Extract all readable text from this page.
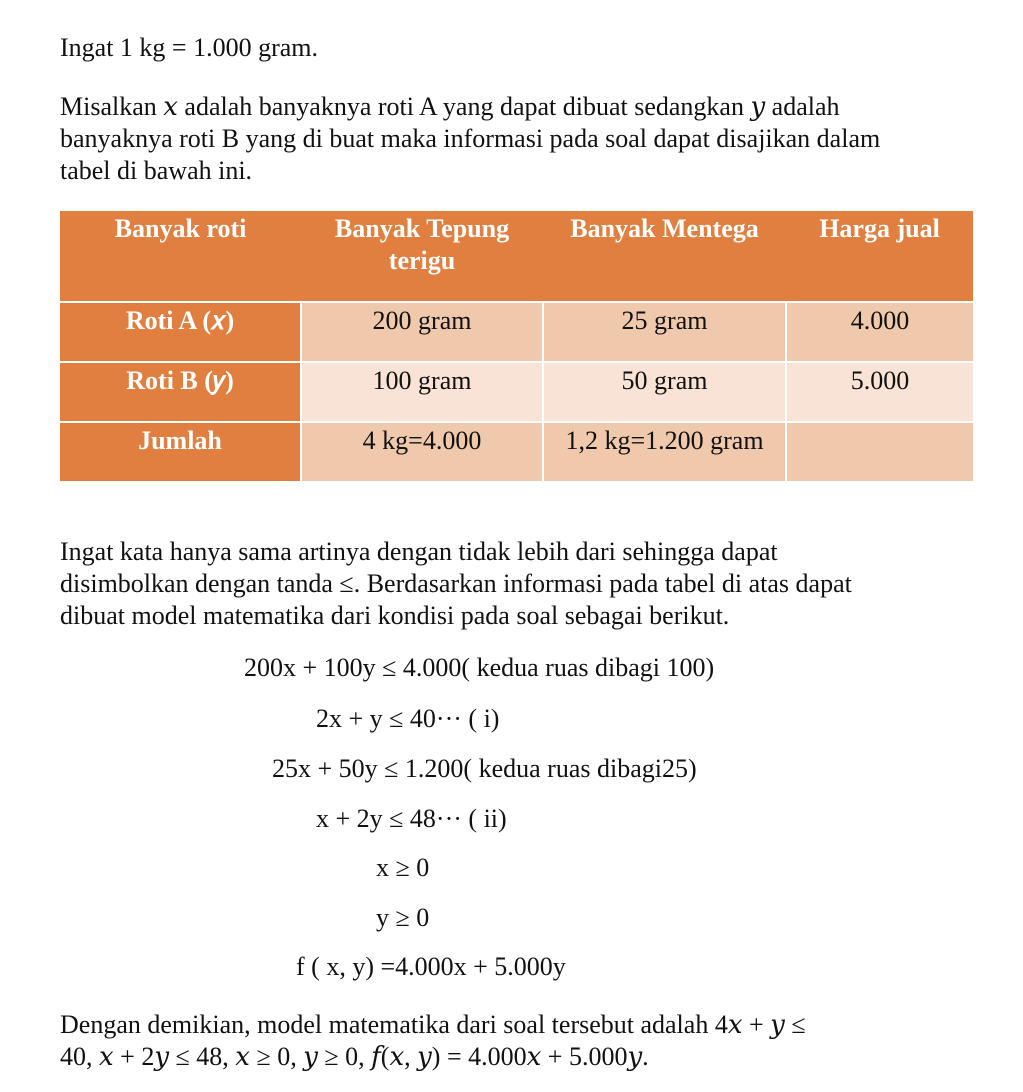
Ingat 1 kg = 1.000 gram.

Misalkan 𝑥 adalah banyaknya roti A yang dapat dibuat sedangkan 𝑦 adalah
banyaknya roti B yang di buat maka informasi pada soal dapat disajikan dalam
tabel di bawah ini.

Banyak roti	Banyak Tepung terigu	Banyak Mentega	Harga jual
Roti A (𝑥)	200 gram	25 gram	4.000
Roti B (𝑦)	100 gram	50 gram	5.000
Jumlah	4 kg=4.000	1,2 kg=1.200 gram	

Ingat kata hanya sama artinya dengan tidak lebih dari sehingga dapat
disimbolkan dengan tanda ≤. Berdasarkan informasi pada tabel di atas dapat
dibuat model matematika dari kondisi pada soal sebagai berikut.

200x + 100y ≤ 4.000( kedua ruas dibagi 100)
2x + y ≤ 40··· ( i)
25x + 50y ≤ 1.200( kedua ruas dibagi25)
x + 2y ≤ 48··· ( ii)
x ≥ 0
y ≥ 0
f ( x, y) =4.000x + 5.000y

Dengan demikian, model matematika dari soal tersebut adalah 4𝑥 + 𝑦 ≤
40, 𝑥 + 2𝑦 ≤ 48, 𝑥 ≥ 0, 𝑦 ≥ 0, 𝑓(𝑥, 𝑦) = 4.000𝑥 + 5.000𝑦.
